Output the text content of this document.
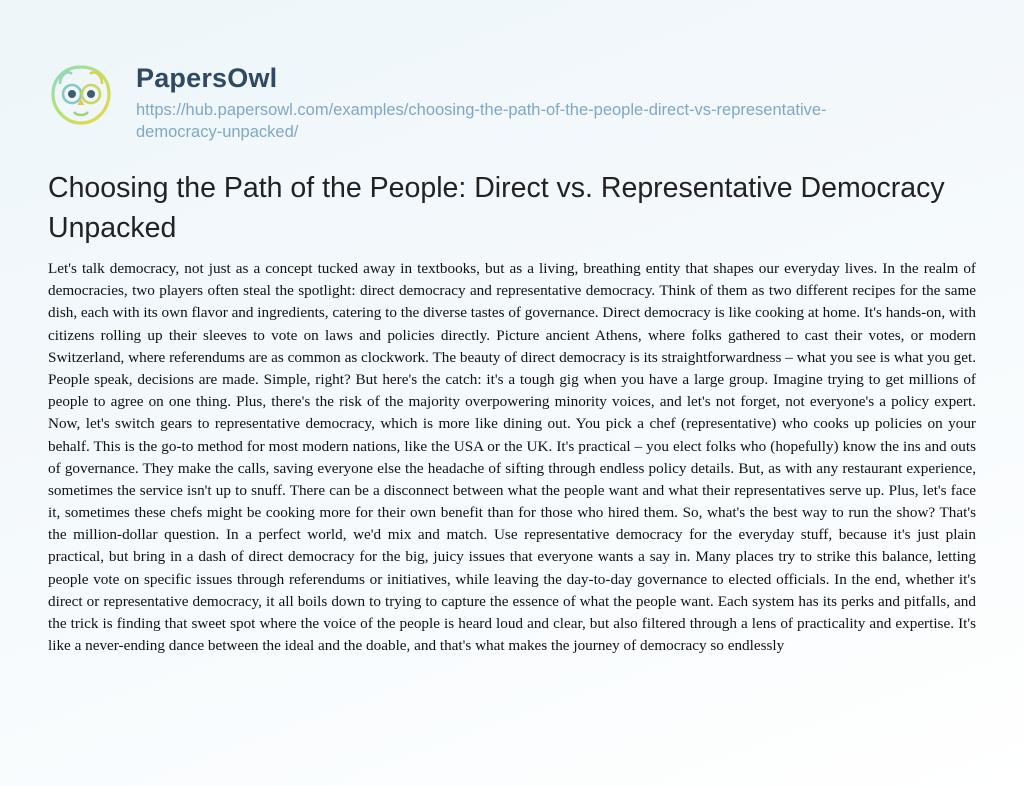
PapersOwl
https://hub.papersowl.com/examples/choosing-the-path-of-the-people-direct-vs-representative-democracy-unpacked/
Choosing the Path of the People: Direct vs. Representative Democracy Unpacked

Let's talk democracy, not just as a concept tucked away in textbooks, but as a living, breathing entity that shapes our everyday lives. In the realm of democracies, two players often steal the spotlight: direct democracy and representative democracy. Think of them as two different recipes for the same dish, each with its own flavor and ingredients, catering to the diverse tastes of governance. Direct democracy is like cooking at home. It's hands-on, with citizens rolling up their sleeves to vote on laws and policies directly. Picture ancient Athens, where folks gathered to cast their votes, or modern Switzerland, where referendums are as common as clockwork. The beauty of direct democracy is its straightforwardness – what you see is what you get. People speak, decisions are made. Simple, right? But here's the catch: it's a tough gig when you have a large group. Imagine trying to get millions of people to agree on one thing. Plus, there's the risk of the majority overpowering minority voices, and let's not forget, not everyone's a policy expert. Now, let's switch gears to representative democracy, which is more like dining out. You pick a chef (representative) who cooks up policies on your behalf. This is the go-to method for most modern nations, like the USA or the UK. It's practical – you elect folks who (hopefully) know the ins and outs of governance. They make the calls, saving everyone else the headache of sifting through endless policy details. But, as with any restaurant experience, sometimes the service isn't up to snuff. There can be a disconnect between what the people want and what their representatives serve up. Plus, let's face it, sometimes these chefs might be cooking more for their own benefit than for those who hired them. So, what's the best way to run the show? That's the million-dollar question. In a perfect world, we'd mix and match. Use representative democracy for the everyday stuff, because it's just plain practical, but bring in a dash of direct democracy for the big, juicy issues that everyone wants a say in. Many places try to strike this balance, letting people vote on specific issues through referendums or initiatives, while leaving the day-to-day governance to elected officials. In the end, whether it's direct or representative democracy, it all boils down to trying to capture the essence of what the people want. Each system has its perks and pitfalls, and the trick is finding that sweet spot where the voice of the people is heard loud and clear, but also filtered through a lens of practicality and expertise. It's like a never-ending dance between the ideal and the doable, and that's what makes the journey of democracy so endlessly
